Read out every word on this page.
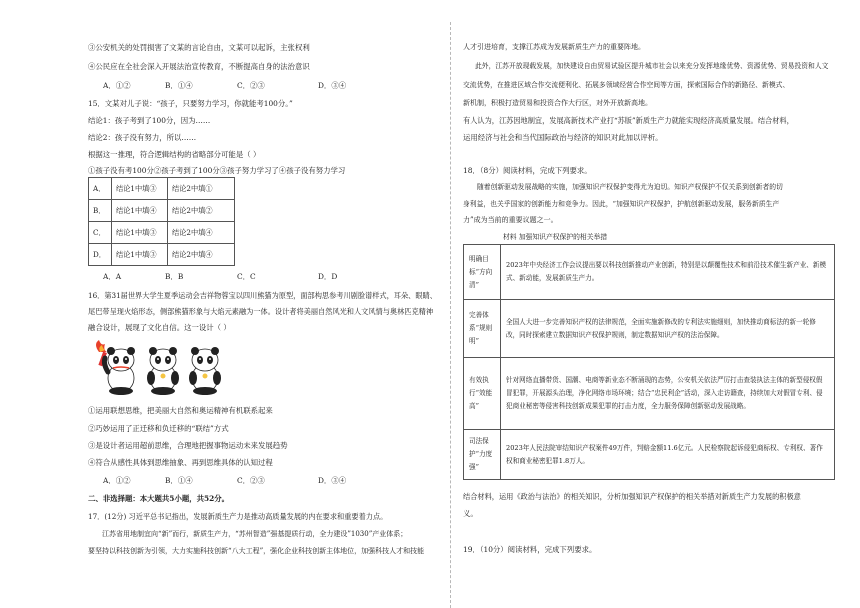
③公安机关的处罚损害了文某的言论自由，文某可以起诉，主张权利
④公民应在全社会深入开展法治宣传教育，不断提高自身的法治意识
A．①②	B．①④	C．②③	D．③④
15．文某对儿子说：“孩子，只要努力学习，你就能考100分。”
结论1：孩子考到了100分，因为……
结论2：孩子没有努力，所以……
根据这一推理，符合逻辑结构的省略部分可能是（ ）
①孩子没有考100分②孩子考到了100分③孩子努力学习了④孩子没有努力学习
A．	结论1中填③	结论2中填①
B．	结论1中填④	结论2中填②
C．	结论1中填③	结论2中填④
D．	结论1中填③	结论2中填④
A．A	B．B	C．C	D．D
16．第31届世界大学生夏季运动会吉祥物蓉宝以四川熊猫为原型，面部构思参考川剧脸谱样式，耳朵、眼睛、
尾巴带呈现火焰形态，侧部熊猫形象与大焰元素融为一体。设计者将美丽自然风光和人文风情与奥林匹克精神
融合设计，展现了文化自信。这一设计（ ）
①运用联想思维，把美丽大自然和奥运精神有机联系起来
②巧妙运用了正迁移和负迁移的“联结”方式
③是设计者运用超前思维，合理地把握事物运动未来发展趋势
④符合从感性具体到思维抽象、再到思维具体的认知过程
A．①②	B．①④	C．②③	D．③④
二、非选择题：本大题共5小题，共52分。
17．(12分) 习近平总书记指出，发展新质生产力是推动高质量发展的内在要求和重要着力点。
江苏省用地制宜向“新”而行，新质生产力，“苏州智造”强基提质行动，全力建设”1030”产业体系；
要坚持以科技创新为引领，大力实施科技创新“八大工程”，强化企业科技创新主体地位，加强科技人才和技能
人才引进培育，支撑江苏成为发展新质生产力的重要阵地。
此外，江苏开放现载发展，加快建设自由贸易试验区提升城市社会以来充分发挥地缘优势、资源优势、贸易投资和人文
交流优势，在推进区域合作交流便利化、拓展多领域经营合作空间等方面，探索国际合作的新路径、新模式、
新机制，积极打造贸易和投资合作大行区，对外开放新高地。
有人认为，江苏因地制宜，发展高新技术产业打“苏版”新质生产力就能实现经济高质量发展。结合材料，
运用经济与社会和当代国际政治与经济的知识对此加以评析。
18．（8分）阅读材料，完成下列要求。
随着创新驱动发展战略的实施，加强知识产权保护变得尤为迫切。知识产权保护不仅关系到创新者的切
身利益，也关乎国家的创新能力和竞争力。因此，“加强知识产权保护，护航创新驱动发展，服务新质生产
力”成为当前的重要议题之一。
材料 加强知识产权保护的相关举措
明确目标“方向清”	2023年中央经济工作会议提出要以科技创新推动产业创新，特别是以颠覆性技术和前沿技术催生新产业、新模式、新动能，发展新质生产力。
完善体系“规则明”	全国人大进一步完善知识产权的法律规范，全面实施新修改的专利法实施细则，加快推动商标法的新一轮修改，同时探索建立数据知识产权保护规则，制定数据知识产权的法治保障。
有效执行“效能高”	针对网络直播带货、国潮、电商等新业态不断涌现的态势，公安机关依法严厉打击查装执法主体的新型侵权假冒犯罪，开展源头治理，净化网络市场环境；结合“忠民利企”活动，深入走访籍查，持续加大对假冒专利、侵犯商业秘密等侵害科技创新成果犯罪的打击力度，全力服务保障创新驱动发展战略。
司法保护“力度强”	2023年人民法院审结知识产权案件49万件，判赔金额11.6亿元。人民检察院起诉侵犯商标权、专利权、著作权和商业秘密犯罪1.8万人。
结合材料，运用《政治与法治》的相关知识，分析加强知识产权保护的相关举措对新质生产力发展的积极意
义。
19．（10分）阅读材料，完成下列要求。
